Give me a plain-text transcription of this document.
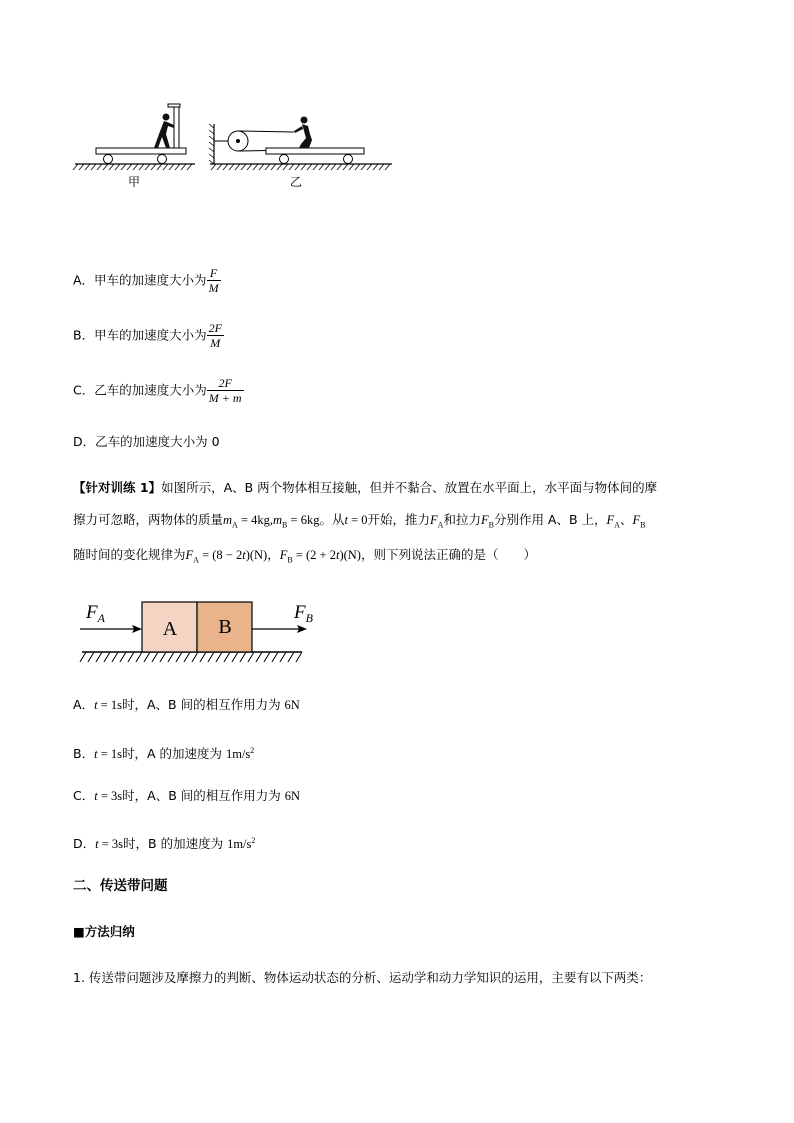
甲	乙
A．甲车的加速度大小为 $\frac{F}{M}$
B．甲车的加速度大小为 $\frac{2F}{M}$
C．乙车的加速度大小为 $\frac{2F}{M + m}$
D．乙车的加速度大小为 0
【针对训练 1】如图所示，A、B 两个物体相互接触，但并不黏合、放置在水平面上，水平面与物体间的摩
擦力可忽略，两物体的质量$m_A = 4kg,m_B = 6kg$。从t = 0开始，推力$F_A$和拉力$F_B$分别作用 A、B 上，$F_A$、$F_B$
随时间的变化规律为$F_A = (8 - 2t)(N)$，$F_B = (2 + 2t)(N)$，则下列说法正确的是（　　）
A B
$F_A$	$F_B$
A．t = 1s时，A、B 间的相互作用力为 6N
B．t = 1s时，A 的加速度为 $1m/s^2$
C．t = 3s时，A、B 间的相互作用力为 6N
D．t = 3s时，B 的加速度为 $1m/s^2$
二、传送带问题
■方法归纳
1. 传送带问题涉及摩擦力的判断、物体运动状态的分析、运动学和动力学知识的运用，主要有以下两类：
